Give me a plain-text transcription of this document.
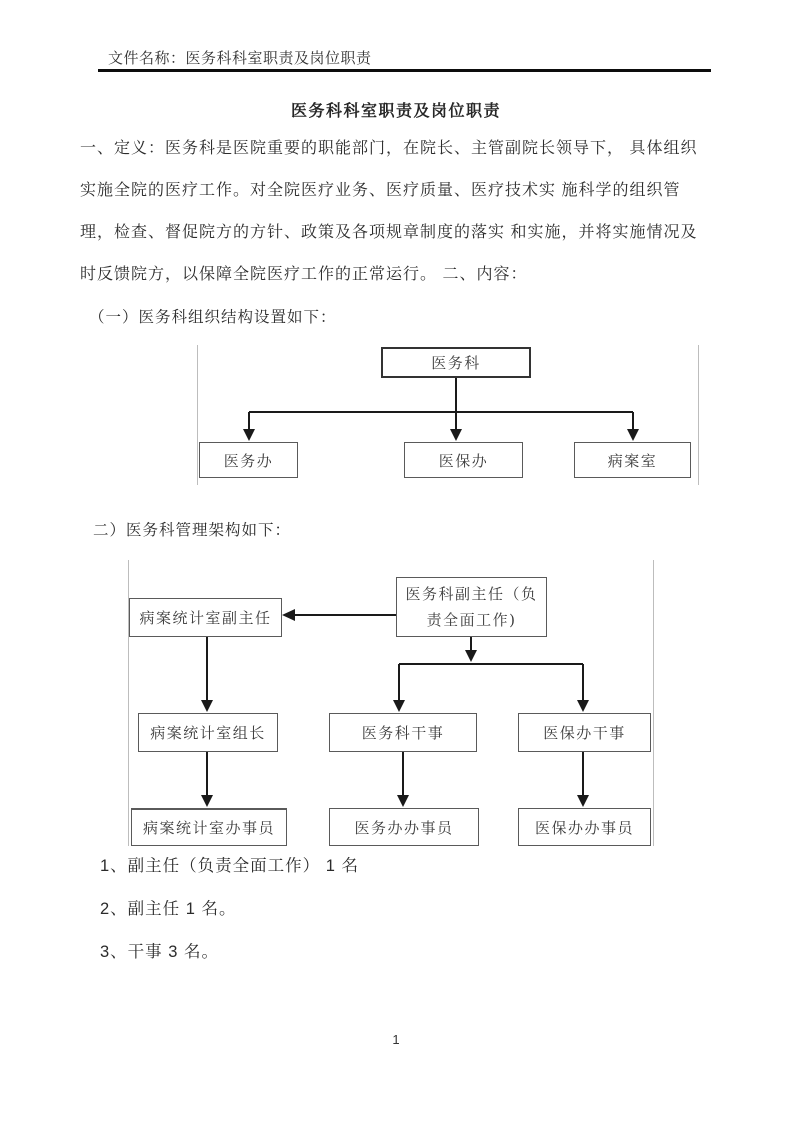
文件名称：医务科科室职责及岗位职责
医务科科室职责及岗位职责
一、定义：医务科是医院重要的职能部门，在院长、主管副院长领导下， 具体组织
实施全院的医疗工作。对全院医疗业务、医疗质量、医疗技术实 施科学的组织管
理，检查、督促院方的方针、政策及各项规章制度的落实 和实施，并将实施情况及
时反馈院方，以保障全院医疗工作的正常运行。 二、内容：
（一）医务科组织结构设置如下：
医务科
医务办	医保办	病案室
二）医务科管理架构如下：
医务科副主任（负
责全面工作)
病案统计室副主任
病案统计室组长	医务科干事	医保办干事
病案统计室办事员	医务办办事员	医保办办事员
1、副主任（负责全面工作） 1 名
2、副主任 1 名。
3、干事 3 名。
1
